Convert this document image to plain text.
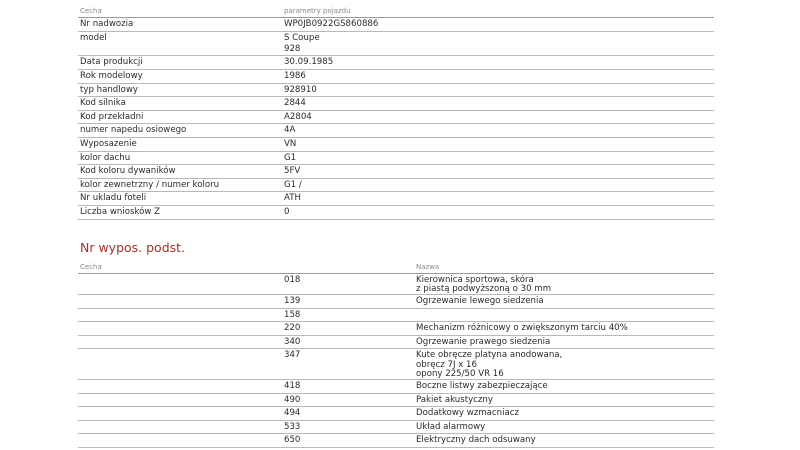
Cecha	parametry pojazdu
Nr nadwozia	WP0JB0922GS860886
model	S Coupe
928
Data produkcji	30.09.1985
Rok modelowy	1986
typ handlowy	928910
Kod silnika	2844
Kod przekładni	A2804
numer napedu osiowego	4A
Wyposazenie	VN
kolor dachu	G1
Kod koloru dywaników	5FV
kolor zewnetrzny / numer koloru	G1 /
Nr ukladu foteli	ATH
Liczba wniosków Z	0
Nr wypos. podst.
Cecha	Nazwa
018	Kierownica sportowa, skóra
z piastą podwyższoną o 30 mm
139	Ogrzewanie lewego siedzenia
158
220	Mechanizm różnicowy o zwiększonym tarciu 40%
340	Ogrzewanie prawego siedzenia
347	Kute obręcze platyna anodowana,
obręcz 7J x 16
opony 225/50 VR 16
418	Boczne listwy zabezpieczające
490	Pakiet akustyczny
494	Dodatkowy wzmacniacz
533	Układ alarmowy
650	Elektryczny dach odsuwany
